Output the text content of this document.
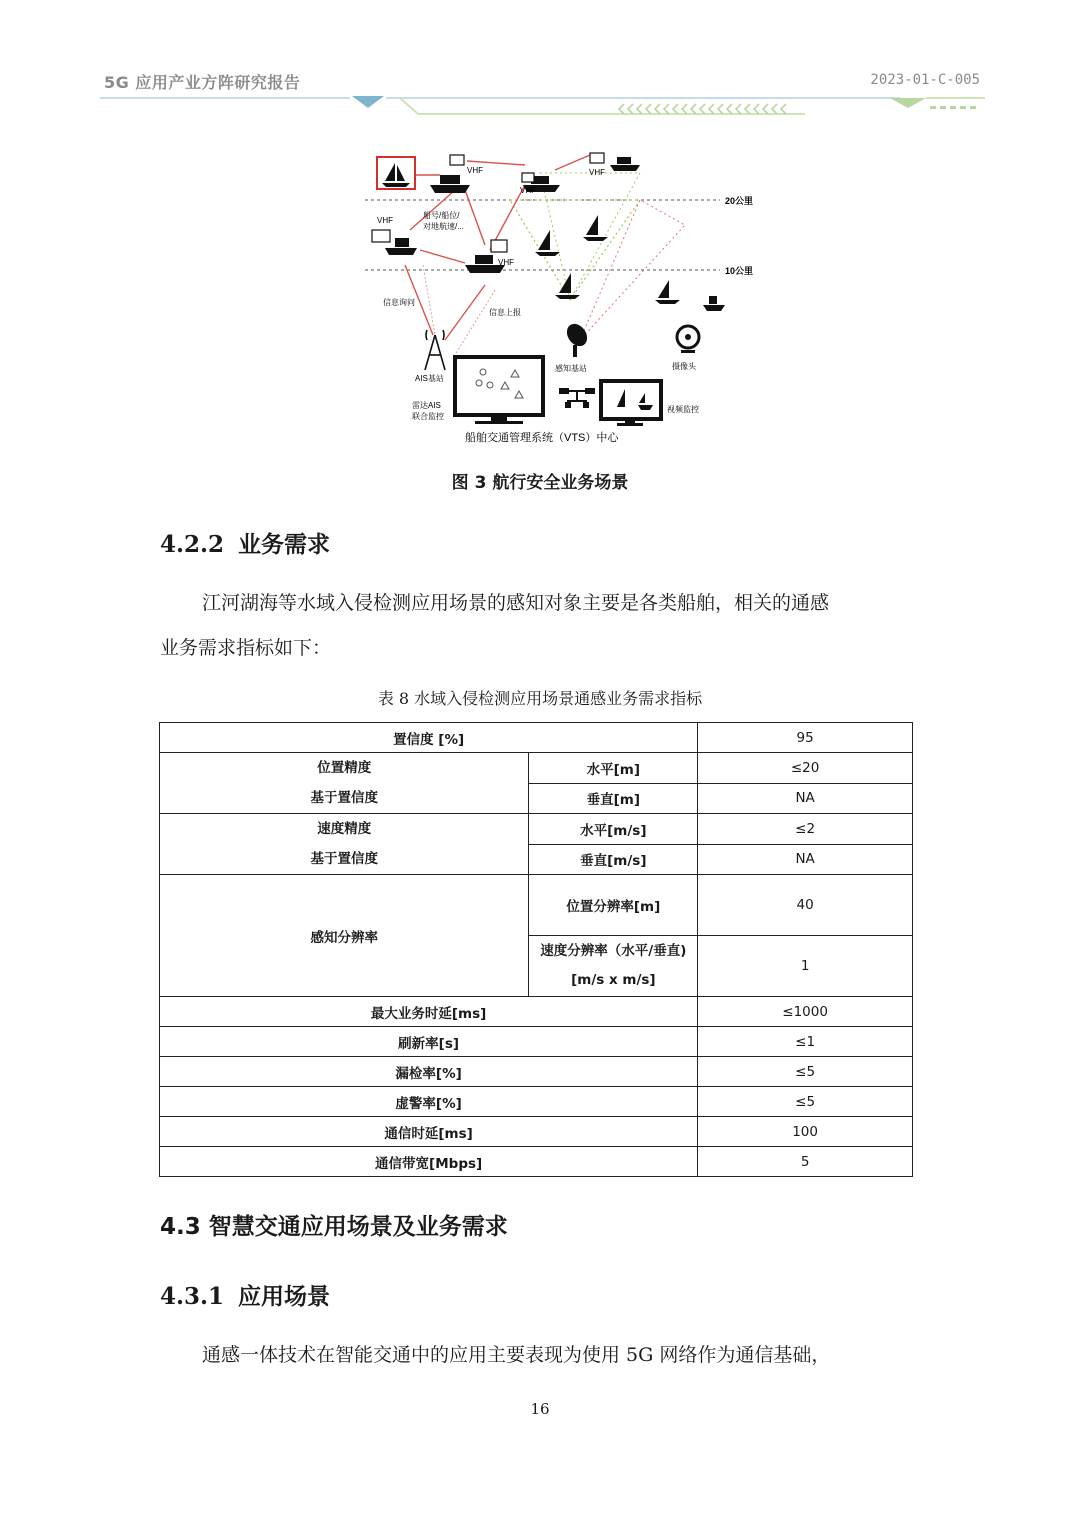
5G 应用产业方阵研究报告	2023-01-C-005
20公里
10公里
VHF
VHF
VHF
VHF
VHF
船号/船位/
对地航速/...
信息询问
信息上报
AIS基站
感知基站	摄像头
雷达AIS
联合监控
视频监控
船舶交通管理系统（VTS）中心
图 3 航行安全业务场景
4.2.2 业务需求
江河湖海等水域入侵检测应用场景的感知对象主要是各类船舶，相关的通感
业务需求指标如下：
表 8 水域入侵检测应用场景通感业务需求指标
置信度 [%]		95

位置精度
基于置信度	水平[m]	≤20
	垂直[m]	NA

速度精度
基于置信度	水平[m/s]	≤2
	垂直[m/s]	NA
感知分辨率	位置分辨率[m]	40

	速度分辨率（水平/垂直)
[m/s x m/s]	1
最大业务时延[ms]		≤1000
刷新率[s]		≤1
漏检率[%]		≤5
虚警率[%]		≤5
通信时延[ms]		100
通信带宽[Mbps]		5
4.3 智慧交通应用场景及业务需求
4.3.1 应用场景
通感一体技术在智能交通中的应用主要表现为使用 5G 网络作为通信基础，
16
